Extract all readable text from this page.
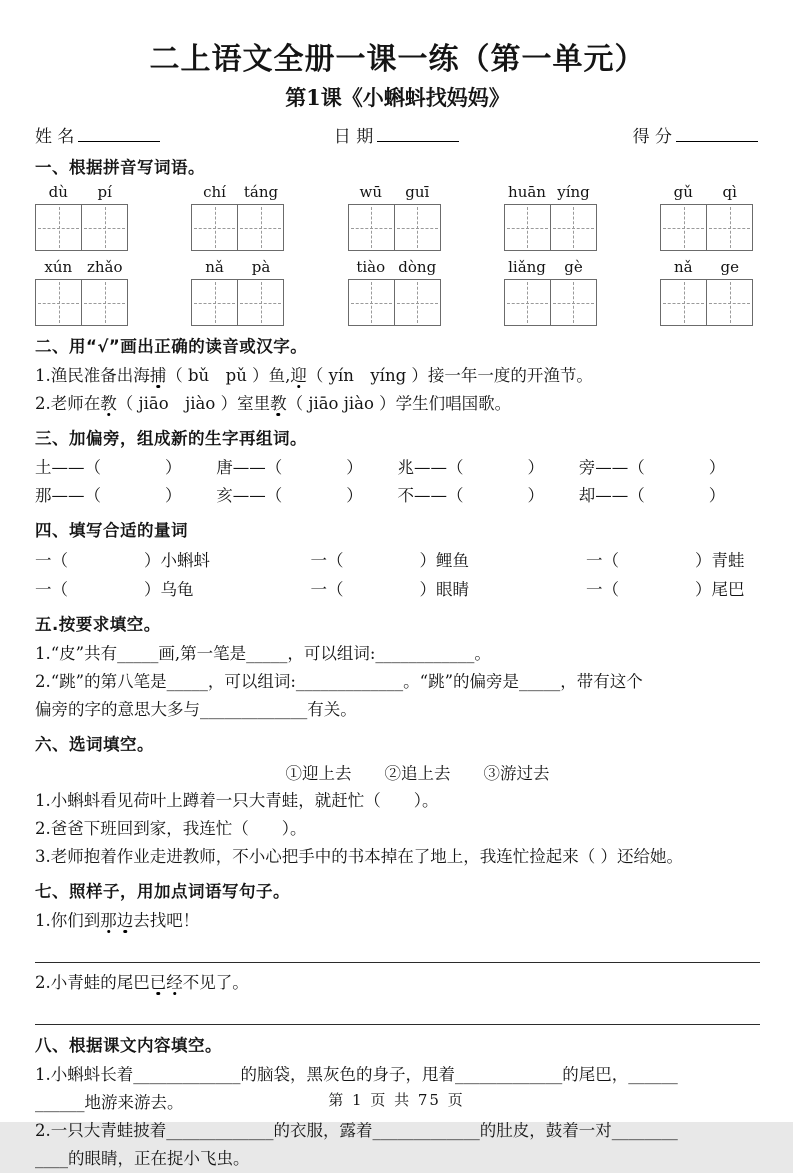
二上语文全册一课一练（第一单元）
第1课《小蝌蚪找妈妈》
姓 名	日 期	得 分
一、根据拼音写词语。
dù	pí	chí	táng	wū	guī	huān yíng	gǔ	qì
xún zhǎo	nǎ	pà	tiào dòng	liǎng	gè	nǎ	ge
二、用“√”画出正确的读音或汉字。
1.渔民准备出海捕（ bǔ　pǔ ）鱼,迎（ yín　yíng ）接一年一度的开渔节。
2.老师在教（ jiāo　jiào ）室里教（ jiāo jiào ）学生们唱国歌。
三、加偏旁，组成新的生字再组词。
土——（	）	唐——（	）	兆——（	）	旁——（	）
那——（	）	亥——（	）	不——（	）	却——（	）
四、填写合适的量词
一（	）小蝌蚪	一（	）鲤鱼	一（	）青蛙
一（	）乌龟	一（	）眼睛	一（	）尾巴
五.按要求填空。
1.“皮”共有_____画,第一笔是_____，可以组词:____________。
2.“跳”的第八笔是_____，可以组词:_____________。“跳”的偏旁是_____，带有这个
偏旁的字的意思大多与_____________有关。
六、选词填空。
①迎上去　　②追上去　　③游过去
1.小蝌蚪看见荷叶上蹲着一只大青蛙，就赶忙（　　）。
2.爸爸下班回到家，我连忙（　　）。
3.老师抱着作业走进教师，不小心把手中的书本掉在了地上，我连忙捡起来（ ）还给她。
七、照样子，用加点词语写句子。
1.你们到那边去找吧！
2.小青蛙的尾巴已经不见了。
八、根据课文内容填空。
1.小蝌蚪长着_____________的脑袋，黑灰色的身子，甩着_____________的尾巴，______
______地游来游去。
2.一只大青蛙披着_____________的衣服，露着_____________的肚皮，鼓着一对________
____的眼睛，正在捉小飞虫。
第 1 页 共 75 页
